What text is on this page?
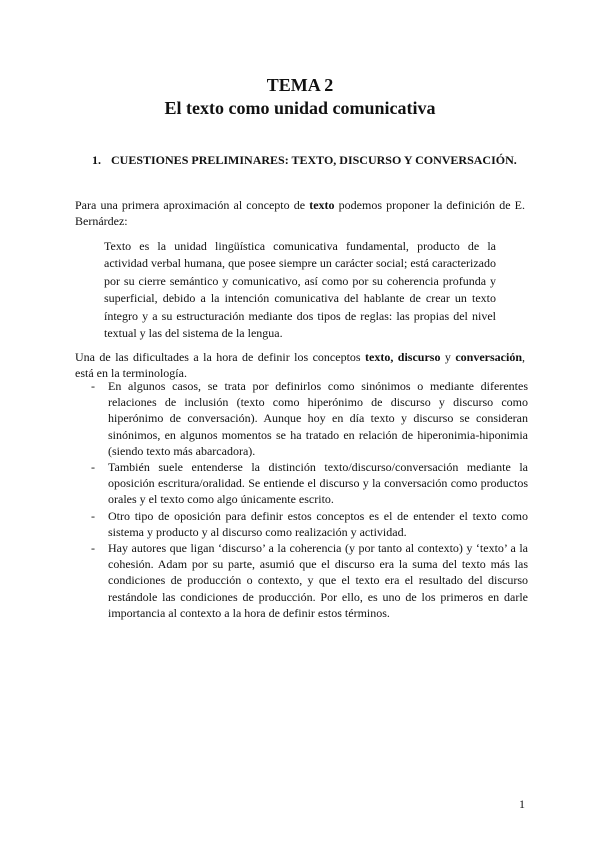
TEMA 2
El texto como unidad comunicativa
1. CUESTIONES PRELIMINARES: TEXTO, DISCURSO Y CONVERSACIÓN.

Para una primera aproximación al concepto de texto podemos proponer la definición de E. Bernárdez:

Texto es la unidad lingüística comunicativa fundamental, producto de la actividad verbal humana, que posee siempre un carácter social; está caracterizado por su cierre semántico y comunicativo, así como por su coherencia profunda y superficial, debido a la intención comunicativa del hablante de crear un texto íntegro y a su estructuración mediante dos tipos de reglas: las propias del nivel textual y las del sistema de la lengua.

Una de las dificultades a la hora de definir los conceptos texto, discurso y conversación, está en la terminología.

- En algunos casos, se trata por definirlos como sinónimos o mediante diferentes relaciones de inclusión (texto como hiperónimo de discurso y discurso como hiperónimo de conversación). Aunque hoy en día texto y discurso se consideran sinónimos, en algunos momentos se ha tratado en relación de hiperonimia-hiponimia (siendo texto más abarcadora).
- También suele entenderse la distinción texto/discurso/conversación mediante la oposición escritura/oralidad. Se entiende el discurso y la conversación como productos orales y el texto como algo únicamente escrito.
- Otro tipo de oposición para definir estos conceptos es el de entender el texto como sistema y producto y al discurso como realización y actividad.
- Hay autores que ligan ‘discurso’ a la coherencia (y por tanto al contexto) y ‘texto’ a la cohesión. Adam por su parte, asumió que el discurso era la suma del texto más las condiciones de producción o contexto, y que el texto era el resultado del discurso restándole las condiciones de producción. Por ello, es uno de los primeros en darle importancia al contexto a la hora de definir estos términos.
1
